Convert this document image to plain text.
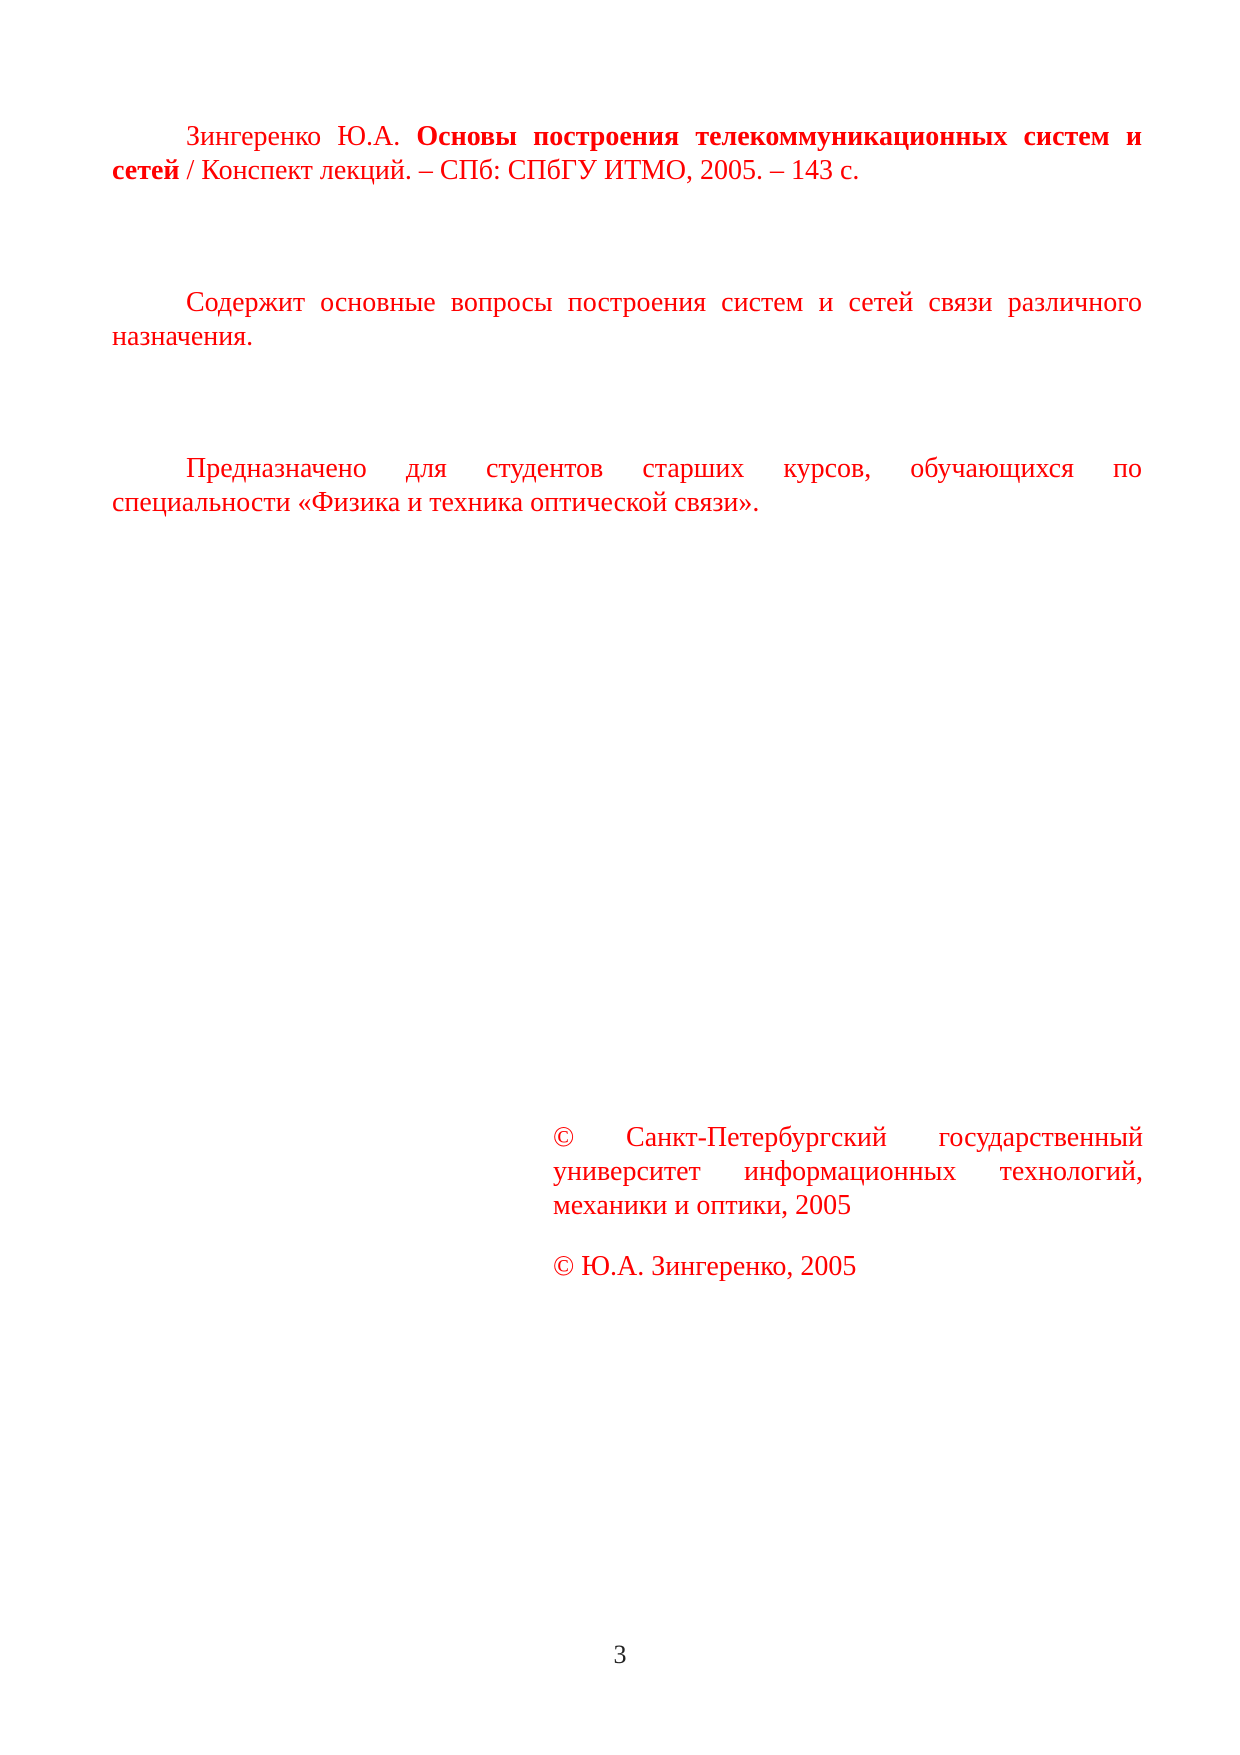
Зингеренко Ю.А. Основы построения телекоммуникационных систем и сетей / Конспект лекций. – СПб: СПбГУ ИТМО, 2005. – 143 с.

Содержит основные вопросы построения систем и сетей связи различного назначения.

Предназначено для студентов старших курсов, обучающихся по
специальности «Физика и техника оптической связи».

© Санкт-Петербургский государственный университет информационных технологий, механики и оптики, 2005

© Ю.А. Зингеренко, 2005

3
